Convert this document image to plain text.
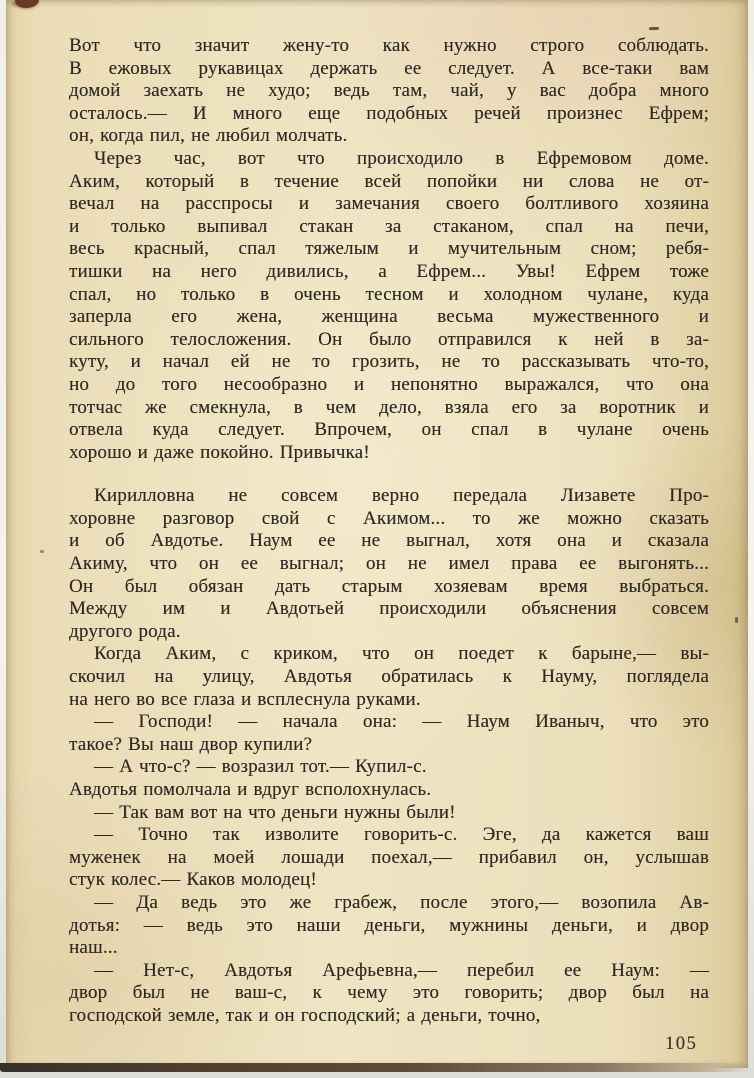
Вот что значит жену-то как нужно строго соблюдать.
В ежовых рукавицах держать ее следует. А все-таки вам
домой заехать не худо; ведь там, чай, у вас добра много
осталось.— И много еще подобных речей произнес Ефрем;
он, когда пил, не любил молчать.
Через час, вот что происходило в Ефремовом доме.
Аким, который в течение всей попойки ни слова не от-
вечал на расспросы и замечания своего болтливого хозяина
и только выпивал стакан за стаканом, спал на печи,
весь красный, спал тяжелым и мучительным сном; ребя-
тишки на него дивились, а Ефрем... Увы! Ефрем тоже
спал, но только в очень тесном и холодном чулане, куда
заперла его жена, женщина весьма мужественного и
сильного телосложения. Он было отправился к ней в за-
куту, и начал ей не то грозить, не то рассказывать что-то,
но до того несообразно и непонятно выражался, что она
тотчас же смекнула, в чем дело, взяла его за воротник и
отвела куда следует. Впрочем, он спал в чулане очень
хорошо и даже покойно. Привычка!
Кирилловна не совсем верно передала Лизавете Про-
хоровне разговор свой с Акимом... то же можно сказать
и об Авдотье. Наум ее не выгнал, хотя она и сказала
Акиму, что он ее выгнал; он не имел права ее выгонять...
Он был обязан дать старым хозяевам время выбраться.
Между им и Авдотьей происходили объяснения совсем
другого рода.
Когда Аким, с криком, что он поедет к барыне,— вы-
скочил на улицу, Авдотья обратилась к Науму, поглядела
на него во все глаза и всплеснула руками.
— Господи! — начала она: — Наум Иваныч, что это
такое? Вы наш двор купили?
— А что-с? — возразил тот.— Купил-с.
Авдотья помолчала и вдруг всполохнулась.
— Так вам вот на что деньги нужны были!
— Точно так изволите говорить-с. Эге, да кажется ваш
муженек на моей лошади поехал,— прибавил он, услышав
стук колес.— Каков молодец!
— Да ведь это же грабеж, после этого,— возопила Ав-
дотья: — ведь это наши деньги, мужнины деньги, и двор
наш...
— Нет-с, Авдотья Арефьевна,— перебил ее Наум: —
двор был не ваш-с, к чему это говорить; двор был на
господской земле, так и он господский; а деньги, точно,
105
